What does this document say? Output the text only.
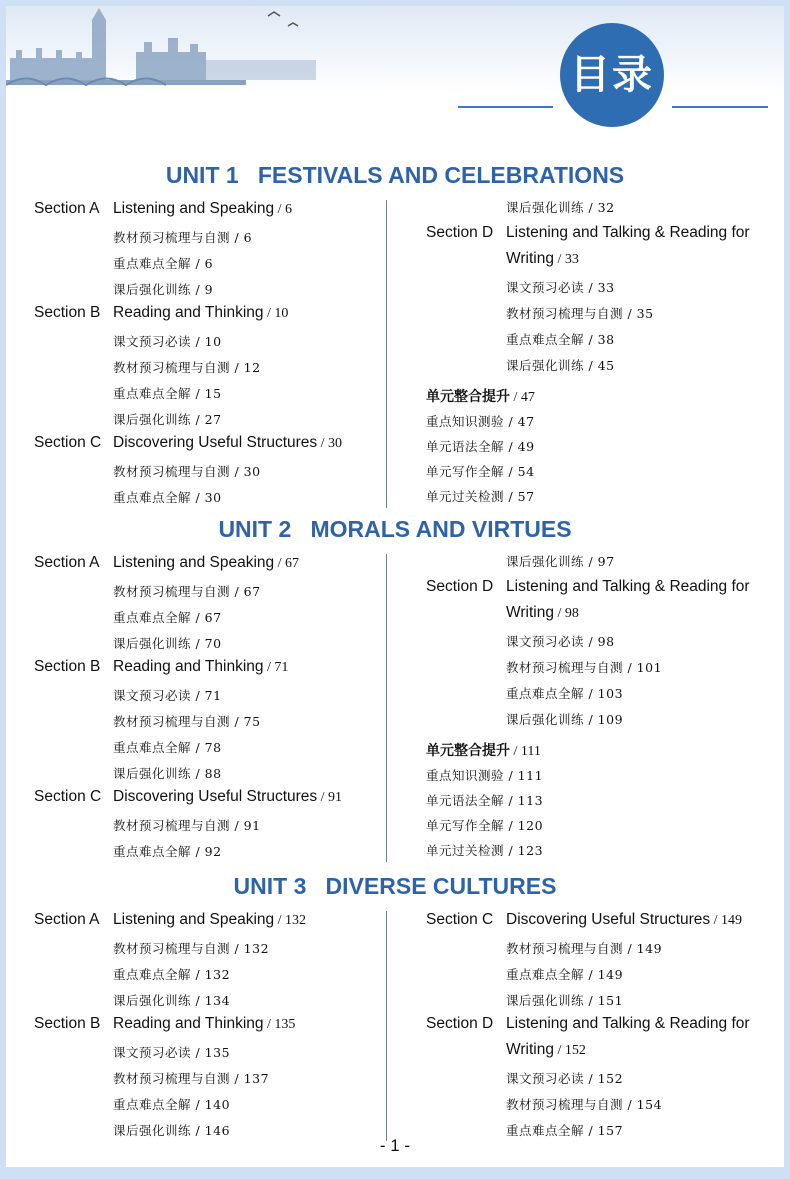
目录
UNIT 1   FESTIVALS AND CELEBRATIONS
Section A Listening and Speaking / 6
教材预习梳理与自测 / 6
重点难点全解 / 6
课后强化训练 / 9
Section B Reading and Thinking / 10
课文预习必读 / 10
教材预习梳理与自测 / 12
重点难点全解 / 15
课后强化训练 / 27
Section C Discovering Useful Structures / 30
教材预习梳理与自测 / 30
重点难点全解 / 30
课后强化训练 / 32
Section D Listening and Talking & Reading for
Writing / 33
课文预习必读 / 33
教材预习梳理与自测 / 35
重点难点全解 / 38
课后强化训练 / 45
单元整合提升 / 47
重点知识测验 / 47
单元语法全解 / 49
单元写作全解 / 54
单元过关检测 / 57
UNIT 2   MORALS AND VIRTUES
Section A Listening and Speaking / 67
教材预习梳理与自测 / 67
重点难点全解 / 67
课后强化训练 / 70
Section B Reading and Thinking / 71
课文预习必读 / 71
教材预习梳理与自测 / 75
重点难点全解 / 78
课后强化训练 / 88
Section C Discovering Useful Structures / 91
教材预习梳理与自测 / 91
重点难点全解 / 92
课后强化训练 / 97
Section D Listening and Talking & Reading for
Writing / 98
课文预习必读 / 98
教材预习梳理与自测 / 101
重点难点全解 / 103
课后强化训练 / 109
单元整合提升 / 111
重点知识测验 / 111
单元语法全解 / 113
单元写作全解 / 120
单元过关检测 / 123
UNIT 3   DIVERSE CULTURES
Section A Listening and Speaking / 132
教材预习梳理与自测 / 132
重点难点全解 / 132
课后强化训练 / 134
Section B Reading and Thinking / 135
课文预习必读 / 135
教材预习梳理与自测 / 137
重点难点全解 / 140
课后强化训练 / 146
Section C Discovering Useful Structures / 149
教材预习梳理与自测 / 149
重点难点全解 / 149
课后强化训练 / 151
Section D Listening and Talking & Reading for
Writing / 152
课文预习必读 / 152
教材预习梳理与自测 / 154
重点难点全解 / 157
- 1 -
